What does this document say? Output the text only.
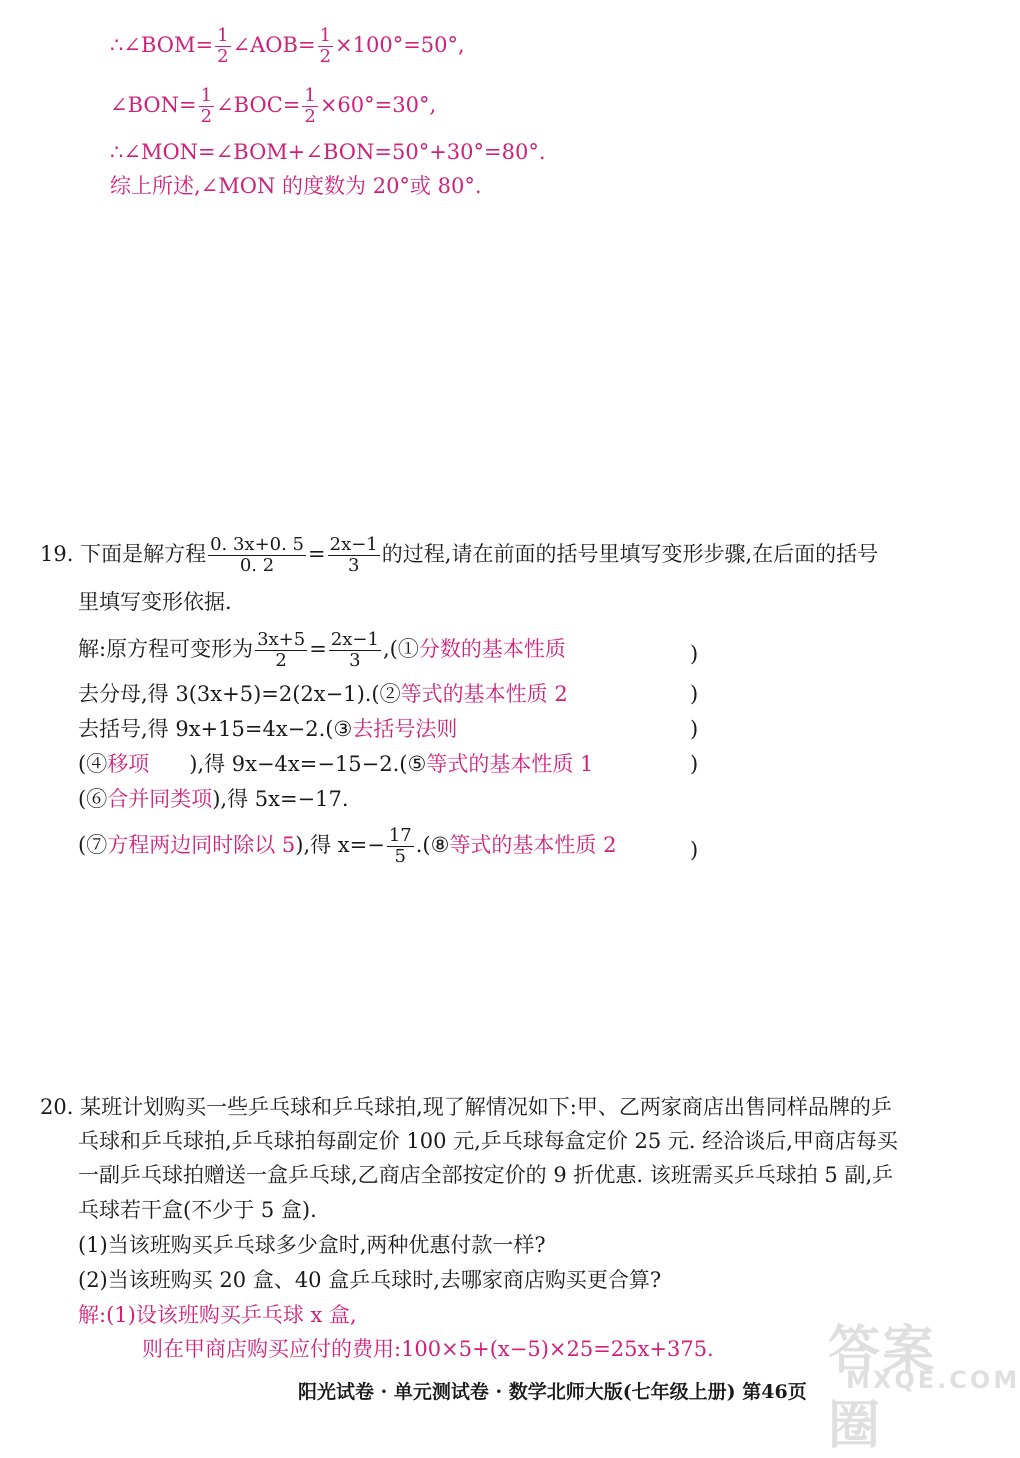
∴∠BOM= $\frac{1}{2}$ ∠AOB= $\frac{1}{2} \times 100^\circ=50^\circ$,
∠BON= $\frac{1}{2}$ ∠BOC= $\frac{1}{2} \times 60^\circ=30^\circ$,
∴∠MON=∠BOM+∠BON=50°+30°=80°.
综上所述,∠MON 的度数为 20°或 80°.
19. 下面是解方程 $\frac{0. 3x+0. 5}{0. 2} = \frac{2x-1}{3}$ 的过程,请在前面的括号里填写变形步骤,在后面的括号
里填写变形依据.
解:原方程可变形为 $\frac{3x+5}{2} = \frac{2x-1}{3}$ ,(①分数的基本性质	)
去分母,得 3(3x+5)=2(2x−1).(②等式的基本性质 2	)
去括号,得 9x+15=4x−2.(③去括号法则	)
(④移项 ),得 9x−4x=−15−2.(⑤等式的基本性质 1	)
(⑥合并同类项),得 5x=−17.
(⑦方程两边同时除以 5),得 $x=- \frac{17}{5}$ .(⑧等式的基本性质 2	)
20. 某班计划购买一些乒乓球和乒乓球拍,现了解情况如下:甲、乙两家商店出售同样品牌的乒
乓球和乒乓球拍,乒乓球拍每副定价 100 元,乒乓球每盒定价 25 元. 经洽谈后,甲商店每买
一副乒乓球拍赠送一盒乒乓球,乙商店全部按定价的 9 折优惠. 该班需买乒乓球拍 5 副,乒
乓球若干盒(不少于 5 盒).
(1)当该班购买乒乓球多少盒时,两种优惠付款一样?
(2)当该班购买 20 盒、40 盒乒乓球时,去哪家商店购买更合算?
解:(1)设该班购买乒乓球 x 盒,
则在甲商店购买应付的费用:100×5+(x−5)×25=25x+375. 答案圈
MXQE.COM
阳光试卷 · 单元测试卷 · 数学北师大版(七年级上册) 第46页
